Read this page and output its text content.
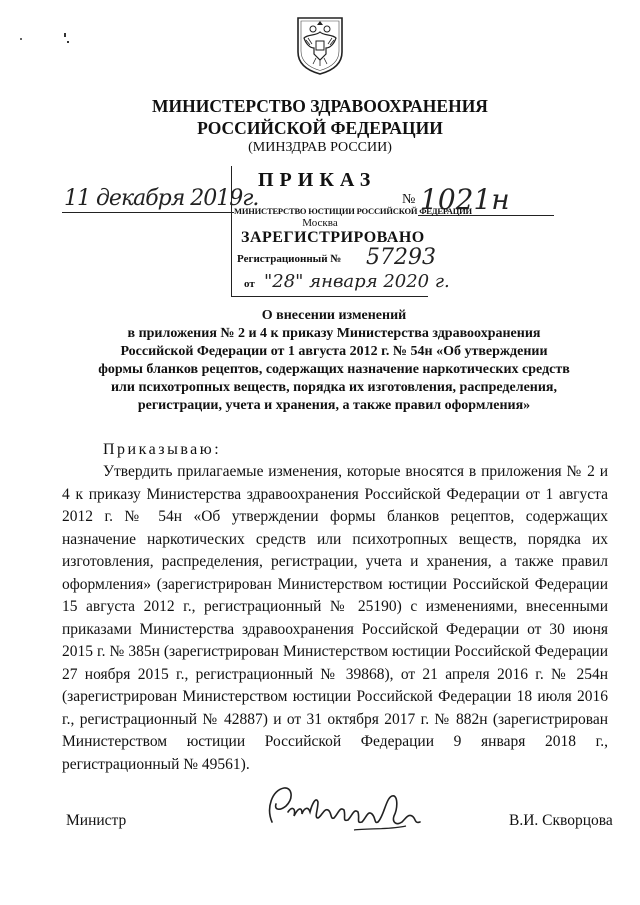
МИНИСТЕРСТВО ЗДРАВООХРАНЕНИЯ
РОССИЙСКОЙ ФЕДЕРАЦИИ
(МИНЗДРАВ РОССИИ)
11 декабря 2019г.
ПРИКАЗ
№ 1021н
МИНИСТЕРСТВО ЮСТИЦИИ РОССИЙСКОЙ ФЕДЕРАЦИИ
Москва
ЗАРЕГИСТРИРОВАНО
Регистрационный № 57293
от "28" января 2020 г.
О внесении изменений
в приложения № 2 и 4 к приказу Министерства здравоохранения
Российской Федерации от 1 августа 2012 г. № 54н «Об утверждении
формы бланков рецептов, содержащих назначение наркотических средств
или психотропных веществ, порядка их изготовления, распределения,
регистрации, учета и хранения, а также правил оформления»
Приказываю:
Утвердить прилагаемые изменения, которые вносятся в приложения № 2 и 4 к приказу Министерства здравоохранения Российской Федерации от 1 августа 2012 г. № 54н «Об утверждении формы бланков рецептов, содержащих назначение наркотических средств или психотропных веществ, порядка их изготовления, распределения, регистрации, учета и хранения, а также правил оформления» (зарегистрирован Министерством юстиции Российской Федерации 15 августа 2012 г., регистрационный № 25190) с изменениями, внесенными приказами Министерства здравоохранения Российской Федерации от 30 июня 2015 г. № 385н (зарегистрирован Министерством юстиции Российской Федерации 27 ноября 2015 г., регистрационный № 39868), от 21 апреля 2016 г. № 254н (зарегистрирован Министерством юстиции Российской Федерации 18 июля 2016 г., регистрационный № 42887) и от 31 октября 2017 г. № 882н (зарегистрирован Министерством юстиции Российской Федерации 9 января 2018 г., регистрационный № 49561).
Министр	В.И. Скворцова
